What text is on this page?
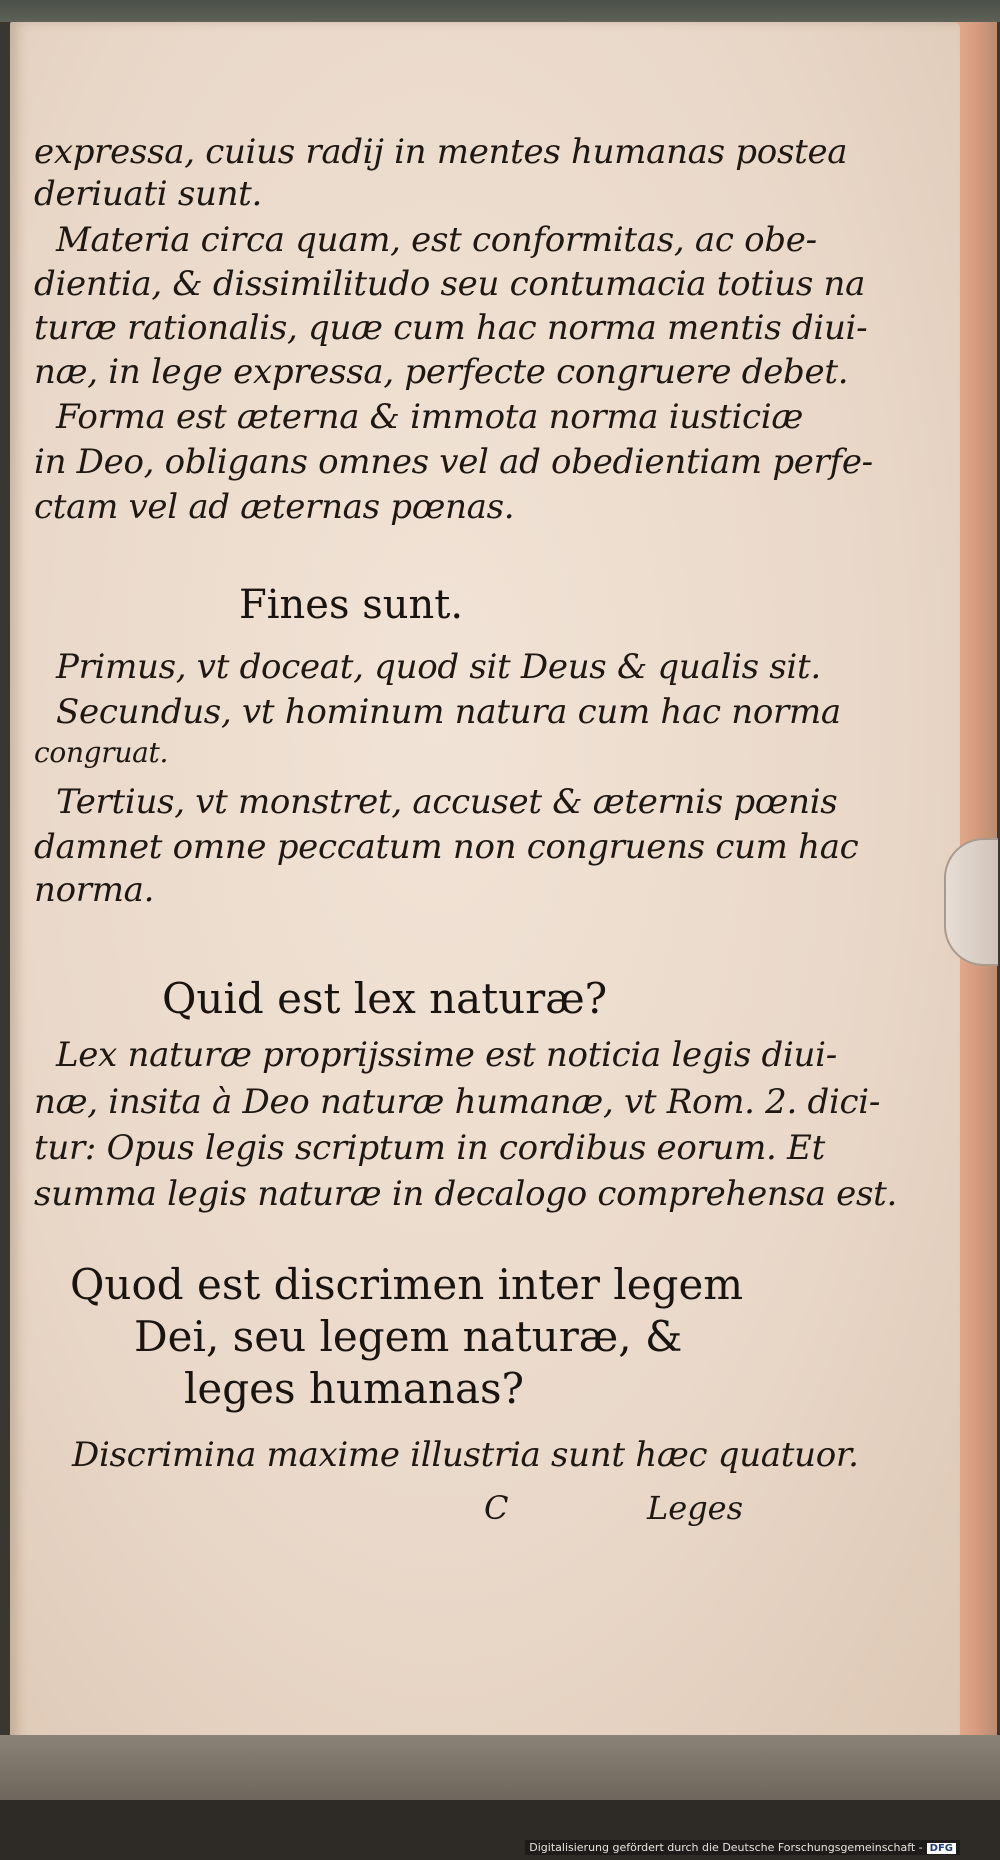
expressa, cuius radij in mentes humanas postea
deriuati sunt.
Materia circa quam, est conformitas, ac obe-
dientia, & dissimilitudo seu contumacia totius na
turæ rationalis, quæ cum hac norma mentis diui-
næ, in lege expressa, perfecte congruere debet.
Forma est æterna & immota norma iusticiæ
in Deo, obligans omnes vel ad obedientiam perfe-
ctam vel ad æternas pœnas.
Fines sunt.
Primus, vt doceat, quod sit Deus & qualis sit.
Secundus, vt hominum natura cum hac norma
congruat.
Tertius, vt monstret, accuset & æternis pœnis
damnet omne peccatum non congruens cum hac
norma.
Quid est lex naturæ?
Lex naturæ proprijssime est noticia legis diui-
næ, insita à Deo naturæ humanæ, vt Rom. 2. dici-
tur: Opus legis scriptum in cordibus eorum. Et
summa legis naturæ in decalogo comprehensa est.
Quod est discrimen inter legem
Dei, seu legem naturæ, &
leges humanas?
Discrimina maxime illustria sunt hæc quatuor.
C	Leges
Digitalisierung gefördert durch die Deutsche Forschungsgemeinschaft - DFG
